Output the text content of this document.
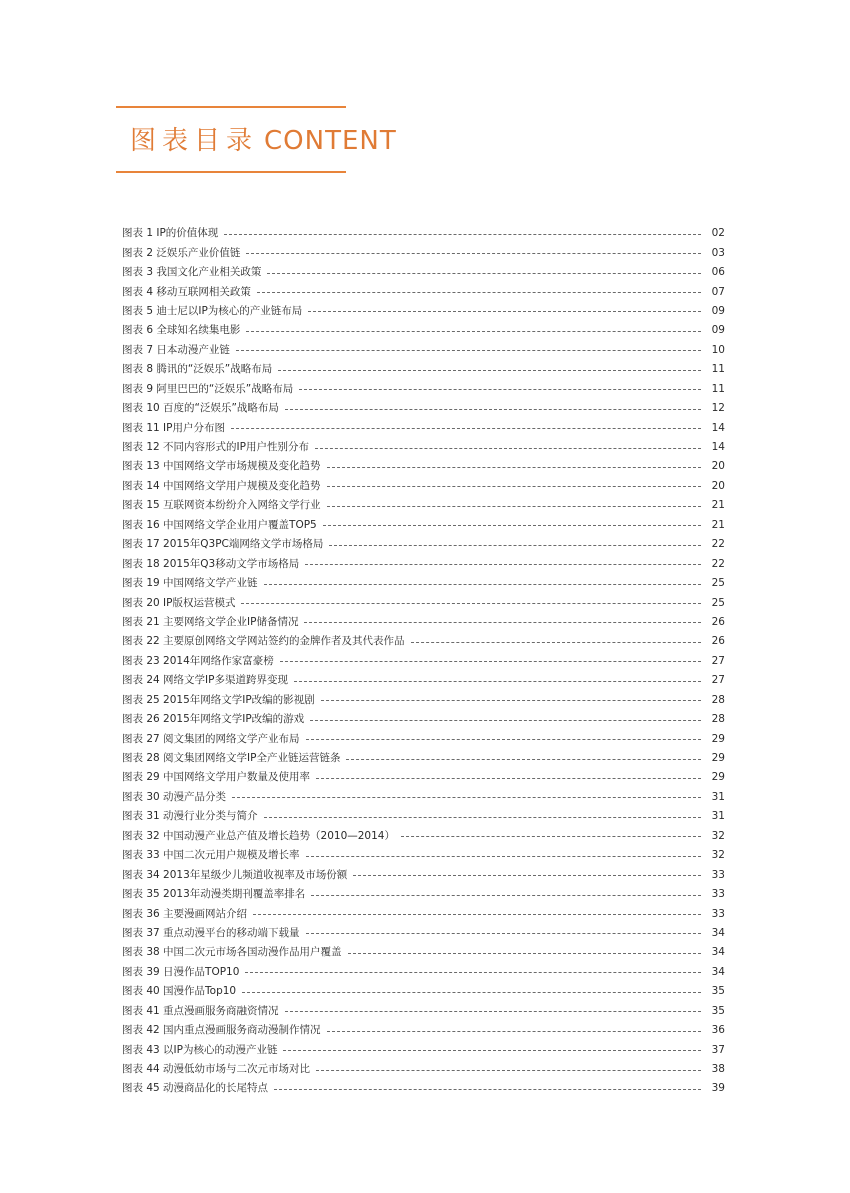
图表目录 CONTENT
图表 1 IP的价值体现	02
图表 2 泛娱乐产业价值链	03
图表 3 我国文化产业相关政策	06
图表 4 移动互联网相关政策	07
图表 5 迪士尼以IP为核心的产业链布局	09
图表 6 全球知名续集电影	09
图表 7 日本动漫产业链	10
图表 8 腾讯的“泛娱乐”战略布局	11
图表 9 阿里巴巴的“泛娱乐”战略布局	11
图表 10 百度的“泛娱乐”战略布局	12
图表 11 IP用户分布图	14
图表 12 不同内容形式的IP用户性别分布	14
图表 13 中国网络文学市场规模及变化趋势	20
图表 14 中国网络文学用户规模及变化趋势	20
图表 15 互联网资本纷纷介入网络文学行业	21
图表 16 中国网络文学企业用户覆盖TOP5	21
图表 17 2015年Q3PC端网络文学市场格局	22
图表 18 2015年Q3移动文学市场格局	22
图表 19 中国网络文学产业链	25
图表 20 IP版权运营模式	25
图表 21 主要网络文学企业IP储备情况	26
图表 22 主要原创网络文学网站签约的金牌作者及其代表作品	26
图表 23 2014年网络作家富豪榜	27
图表 24 网络文学IP多渠道跨界变现	27
图表 25 2015年网络文学IP改编的影视剧	28
图表 26 2015年网络文学IP改编的游戏	28
图表 27 阅文集团的网络文学产业布局	29
图表 28 阅文集团网络文学IP全产业链运营链条	29
图表 29 中国网络文学用户数量及使用率	29
图表 30 动漫产品分类	31
图表 31 动漫行业分类与简介	31
图表 32 中国动漫产业总产值及增长趋势（2010—2014）	32
图表 33 中国二次元用户规模及增长率	32
图表 34 2013年星级少儿频道收视率及市场份额	33
图表 35 2013年动漫类期刊覆盖率排名	33
图表 36 主要漫画网站介绍	33
图表 37 重点动漫平台的移动端下载量	34
图表 38 中国二次元市场各国动漫作品用户覆盖	34
图表 39 日漫作品TOP10	34
图表 40 国漫作品Top10	35
图表 41 重点漫画服务商融资情况	35
图表 42 国内重点漫画服务商动漫制作情况	36
图表 43 以IP为核心的动漫产业链	37
图表 44 动漫低幼市场与二次元市场对比	38
图表 45 动漫商品化的长尾特点	39
